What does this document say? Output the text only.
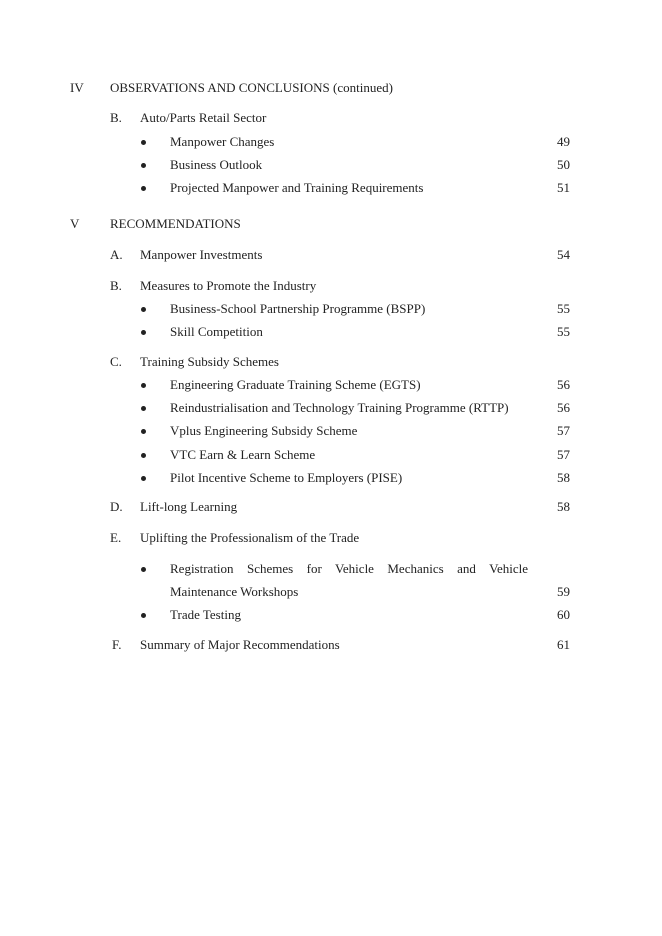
IV OBSERVATIONS AND CONCLUSIONS (continued)
B. Auto/Parts Retail Sector
Manpower Changes	49
Business Outlook	50
Projected Manpower and Training Requirements	51
V RECOMMENDATIONS
A. Manpower Investments	54
B. Measures to Promote the Industry
Business-School Partnership Programme (BSPP)	55
Skill Competition	55
C. Training Subsidy Schemes
Engineering Graduate Training Scheme (EGTS)	56
Reindustrialisation and Technology Training Programme (RTTP)	56
Vplus Engineering Subsidy Scheme	57
VTC Earn & Learn Scheme	57
Pilot Incentive Scheme to Employers (PISE)	58
D. Lift-long Learning	58
E. Uplifting the Professionalism of the Trade
Registration Schemes for Vehicle Mechanics and Vehicle
Maintenance Workshops	59
Trade Testing	60
F. Summary of Major Recommendations	61
